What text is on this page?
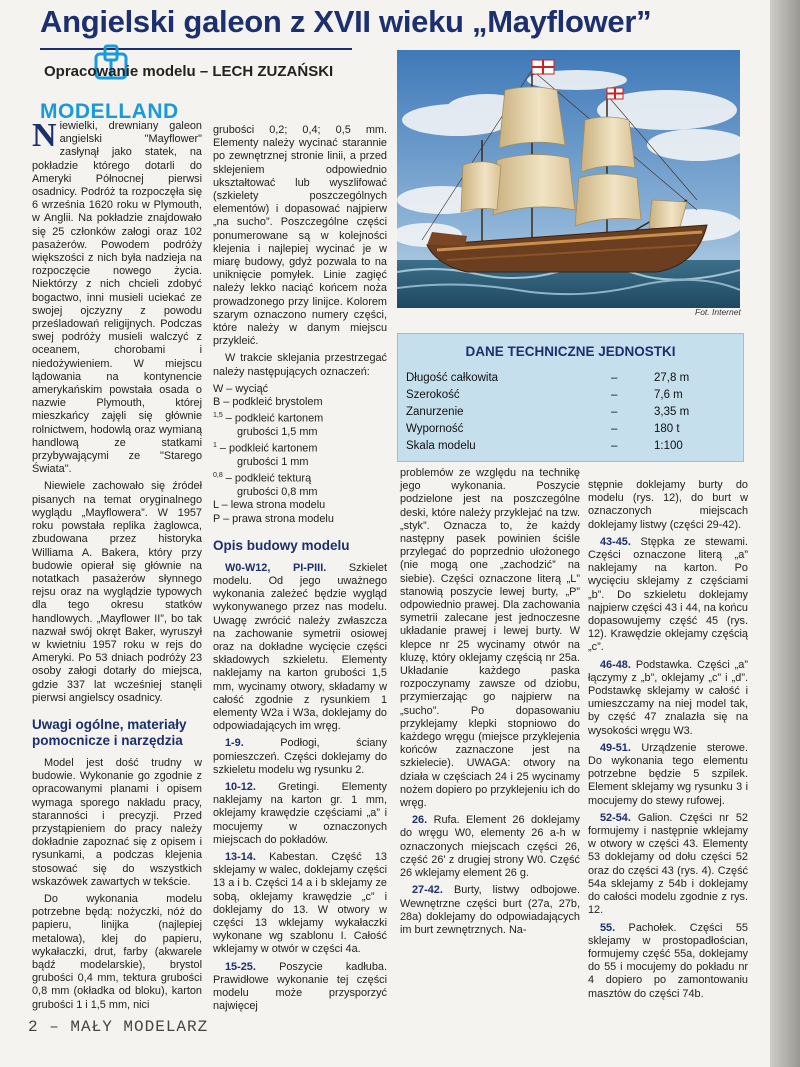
Angielski galeon z XVII wieku „Mayflower”
Opracowanie modelu – LECH ZUZAŃSKI
MODELLAND

Niewielki, drewniany galeon angielski "Mayflower" zasłynął jako statek, na pokładzie którego dotarli do Ameryki Północnej pierwsi osadnicy. Podróż ta rozpoczęła się 6 września 1620 roku w Plymouth, w Anglii. Na pokładzie znajdowało się 25 członków załogi oraz 102 pasażerów. Powodem podróży większości z nich była nadzieja na rozpoczęcie nowego życia. Niektórzy z nich chcieli zdobyć bogactwo, inni musieli uciekać ze swojej ojczyzny z powodu prześladowań religijnych. Podczas swej podróży musieli walczyć z oceanem, chorobami i niedożywieniem. W miejscu lądowania na kontynencie amerykańskim powstała osada o nazwie Plymouth, której mieszkańcy zajęli się głównie rolnictwem, hodowlą oraz wymianą handlową ze statkami przybywającymi ze "Starego Świata".

Niewiele zachowało się źródeł pisanych na temat oryginalnego wyglądu „Mayflowera”. W 1957 roku powstała replika żaglowca, zbudowana przez historyka Williama A. Bakera, który przy budowie opierał się głównie na notatkach pasażerów słynnego rejsu oraz na wyglądzie typowych dla tego okresu statków handlowych. „Mayflower II”, bo tak nazwał swój okręt Baker, wyruszył w kwietniu 1957 roku w rejs do Ameryki. Po 53 dniach podróży 23 osoby załogi dotarły do miejsca, gdzie 337 lat wcześniej stanęli pierwsi angielscy osadnicy.

Uwagi ogólne, materiały pomocnicze i narzędzia

Model jest dość trudny w budowie. Wykonanie go zgodnie z opracowanymi planami i opisem wymaga sporego nakładu pracy, staranności i precyzji. Przed przystąpieniem do pracy należy dokładnie zapoznać się z opisem i rysunkami, a podczas klejenia stosować się do wszystkich wskazówek zawartych w tekście.

Do wykonania modelu potrzebne będą: nożyczki, nóż do papieru, linijka (najlepiej metalowa), klej do papieru, wykałaczki, drut, farby (akwarele bądź modelarskie), brystol grubości 0,4 mm, tektura grubości 0,8 mm (okładka od bloku), karton grubości 1 i 1,5 mm, nici

grubości 0,2; 0,4; 0,5 mm. Elementy należy wycinać starannie po zewnętrznej stronie linii, a przed sklejeniem odpowiednio ukształtować lub wyszlifować (szkielety poszczególnych elementów) i dopasować najpierw „na sucho”. Poszczególne części ponumerowane są w kolejności klejenia i najlepiej wycinać je w miarę budowy, gdyż pozwala to na uniknięcie pomyłek. Linie zagięć należy lekko naciąć końcem noża prowadzonego przy linijce. Kolorem szarym oznaczono numery części, które należy w danym miejscu przykleić.

W trakcie sklejania przestrzegać należy następujących oznaczeń:

W – wyciąć
B – podkleić brystolem
$^{1,5}$ – podkleić kartonem
grubości 1,5 mm
$^1$ – podkleić kartonem
grubości 1 mm
$^{0,8}$ – podkleić tekturą
grubości 0,8 mm
L – lewa strona modelu
P – prawa strona modelu
Opis budowy modelu

W0-W12, PI-PIII. Szkielet modelu. Od jego uważnego wykonania zależeć będzie wygląd wykonywanego przez nas modelu. Uwagę zwrócić należy zwłaszcza na zachowanie symetrii osiowej oraz na dokładne wycięcie części składowych szkieletu. Elementy naklejamy na karton grubości 1,5 mm, wycinamy otwory, składamy w całość zgodnie z rysunkiem 1 elementy W2a i W3a, doklejamy do odpowiadających im wręg.

1-9. Podłogi, ściany pomieszczeń. Części doklejamy do szkieletu modelu wg rysunku 2.

10-12. Gretingi. Elementy naklejamy na karton gr. 1 mm, oklejamy krawędzie częściami „a” i mocujemy w oznaczonych miejscach do pokładów.

13-14. Kabestan. Część 13 sklejamy w walec, doklejamy części 13 a i b. Części 14 a i b sklejamy ze sobą, oklejamy krawędzie „c” i doklejamy do 13. W otwory w części 13 wklejamy wykałaczki wykonane wg szablonu I. Całość wklejamy w otwór w części 4a.

15-25. Poszycie kadłuba. Prawidłowe wykonanie tej części modelu może przysporzyć najwięcej

Fot. Internet
DANE TECHNICZNE JEDNOSTKI
Długość całkowita	–	27,8 m
Szerokość	–	7,6 m
Zanurzenie	–	3,35 m
Wyporność	–	180 t
Skala modelu	–	1:100

problemów ze względu na technikę jego wykonania. Poszycie podzielone jest na poszczególne deski, które należy przyklejać na tzw. „styk”. Oznacza to, że każdy następny pasek powinien ściśle przylegać do poprzednio ułożonego (nie mogą one „zachodzić” na siebie). Części oznaczone literą „L” stanowią poszycie lewej burty, „P” odpowiednio prawej. Dla zachowania symetrii zalecane jest jednoczesne układanie prawej i lewej burty. W klepce nr 25 wycinamy otwór na kluzę, który oklejamy częścią nr 25a. Układanie każdego paska rozpoczynamy zawsze od dziobu, przymierzając go najpierw na „sucho”. Po dopasowaniu przyklejamy klepki stopniowo do każdego wręgu (miejsce przyklejenia końców zaznaczone jest na szkielecie). UWAGA: otwory na działa w częściach 24 i 25 wycinamy nożem dopiero po przyklejeniu ich do wręg.

26. Rufa. Element 26 doklejamy do wręgu W0, elementy 26 a-h w oznaczonych miejscach części 26, część 26' z drugiej strony W0. Część 26 wklejamy element 26 g.

27-42. Burty, listwy odbojowe. Wewnętrzne części burt (27a, 27b, 28a) doklejamy do odpowiadających im burt zewnętrznych. Na-

stępnie doklejamy burty do modelu (rys. 12), do burt w oznaczonych miejscach doklejamy listwy (części 29-42).

43-45. Stępka ze stewami. Części oznaczone literą „a” naklejamy na karton. Po wycięciu sklejamy z częściami „b”. Do szkieletu doklejamy najpierw części 43 i 44, na końcu dopasowujemy część 45 (rys. 12). Krawędzie oklejamy częścią „c”.

46-48. Podstawka. Części „a” łączymy z „b”, oklejamy „c” i „d”. Podstawkę sklejamy w całość i umieszczamy na niej model tak, by część 47 znalazła się na wysokości wręgu W3.

49-51. Urządzenie sterowe. Do wykonania tego elementu potrzebne będzie 5 szpilek. Element sklejamy wg rysunku 3 i mocujemy do stewy rufowej.

52-54. Galion. Części nr 52 formujemy i następnie wklejamy w otwory w części 43. Elementy 53 doklejamy od dołu części 52 oraz do części 43 (rys. 4). Część 54a sklejamy z 54b i doklejamy do całości modelu zgodnie z rys. 12.

55. Pachołek. Części 55 sklejamy w prostopadłościan, formujemy część 55a, doklejamy do 55 i mocujemy do pokładu nr 4 dopiero po zamontowaniu masztów do części 74b.

2 – MAŁY MODELARZ
